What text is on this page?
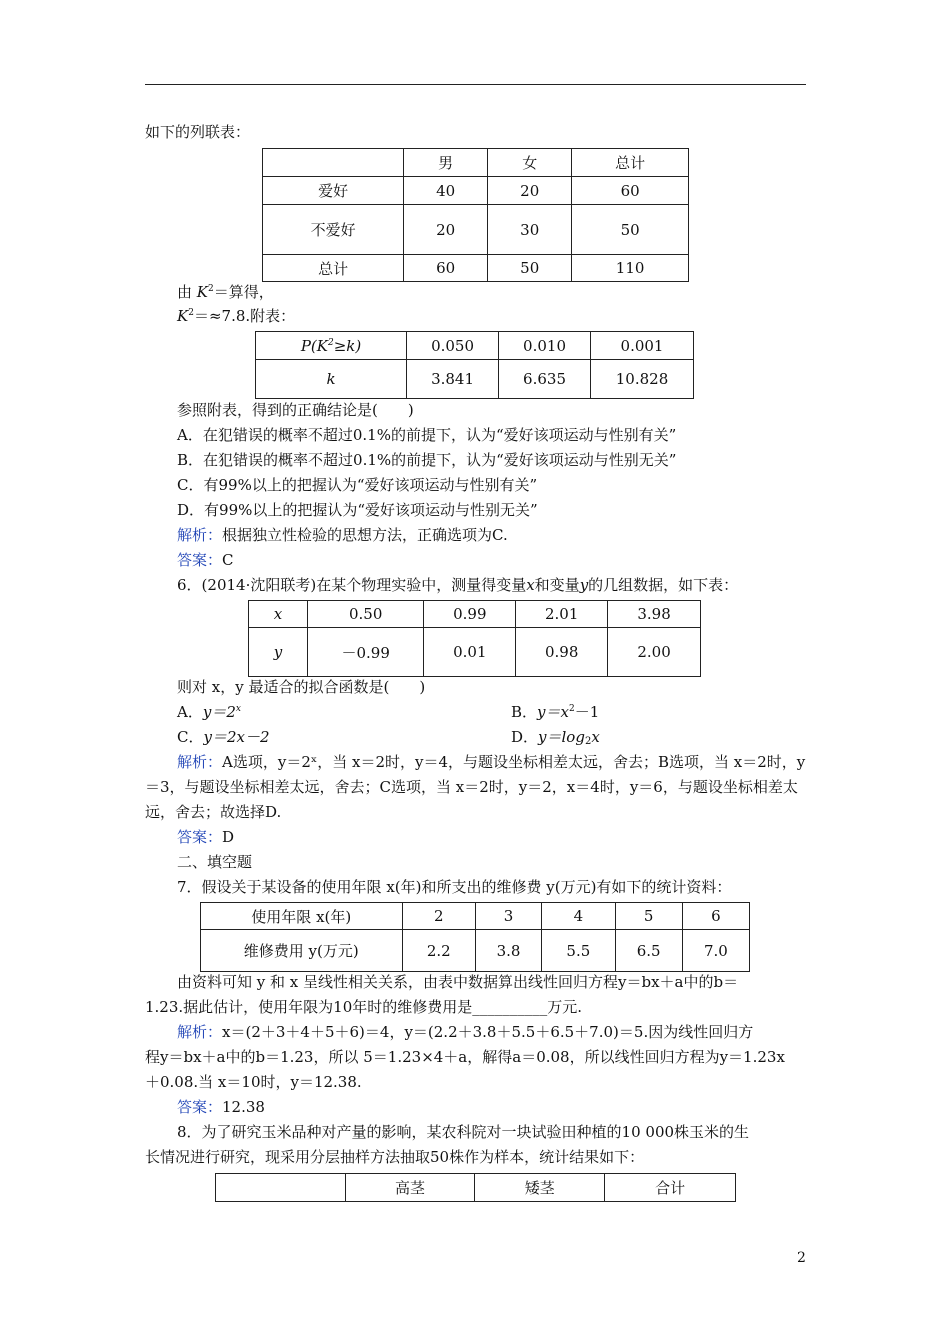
如下的列联表：
	男	女	总计
爱好	40	20	60
不爱好	20	30	50
总计	60	50	110
由 $K^2=$算得，
$K^2=\approx 7.8$.附表：
$P(K^2\ge k)$	0.050	0.010	0.001
k	3.841	6.635	10.828
参照附表，得到的正确结论是(　　)
A．在犯错误的概率不超过0.1%的前提下，认为“爱好该项运动与性别有关”
B．在犯错误的概率不超过0.1%的前提下，认为“爱好该项运动与性别无关”
C．有99%以上的把握认为“爱好该项运动与性别有关”
D．有99%以上的把握认为“爱好该项运动与性别无关”
解析：根据独立性检验的思想方法，正确选项为C.
答案：C
6．(2014·沈阳联考)在某个物理实验中，测量得变量x和变量y的几组数据，如下表：
x	0.50	0.99	2.01	3.98
y	－0.99	0.01	0.98	2.00
则对 x，y 最适合的拟合函数是(　　)
A．$y=2^x$	B．$y=x^2-1$
C．y＝2x－2	D．$y=\log_2x$
解析：A选项，y＝2ˣ，当 x＝2时，y＝4，与题设坐标相差太远，舍去；B选项，当 x＝2时，y
＝3，与题设坐标相差太远，舍去；C选项，当 x＝2时，y＝2，x＝4时，y＝6，与题设坐标相差太
远，舍去；故选择D.
答案：D
二、填空题
7．假设关于某设备的使用年限 x(年)和所支出的维修费 y(万元)有如下的统计资料：
使用年限 x(年)	2	3	4	5	6
维修费用 y(万元)	2.2	3.8	5.5	6.5	7.0
由资料可知 y 和 x 呈线性相关关系，由表中数据算出线性回归方程y＝bx＋a中的b＝
1.23.据此估计，使用年限为10年时的维修费用是__________万元.
解析：x＝(2＋3＋4＋5＋6)＝4，y＝(2.2＋3.8＋5.5＋6.5＋7.0)＝5.因为线性回归方
程y＝bx＋a中的b＝1.23，所以 5＝1.23×4＋a，解得a＝0.08，所以线性回归方程为y＝1.23x
＋0.08.当 x＝10时，y＝12.38.
答案：12.38
8．为了研究玉米品种对产量的影响，某农科院对一块试验田种植的10 000株玉米的生
长情况进行研究，现采用分层抽样方法抽取50株作为样本，统计结果如下：
	高茎	矮茎	合计
2
